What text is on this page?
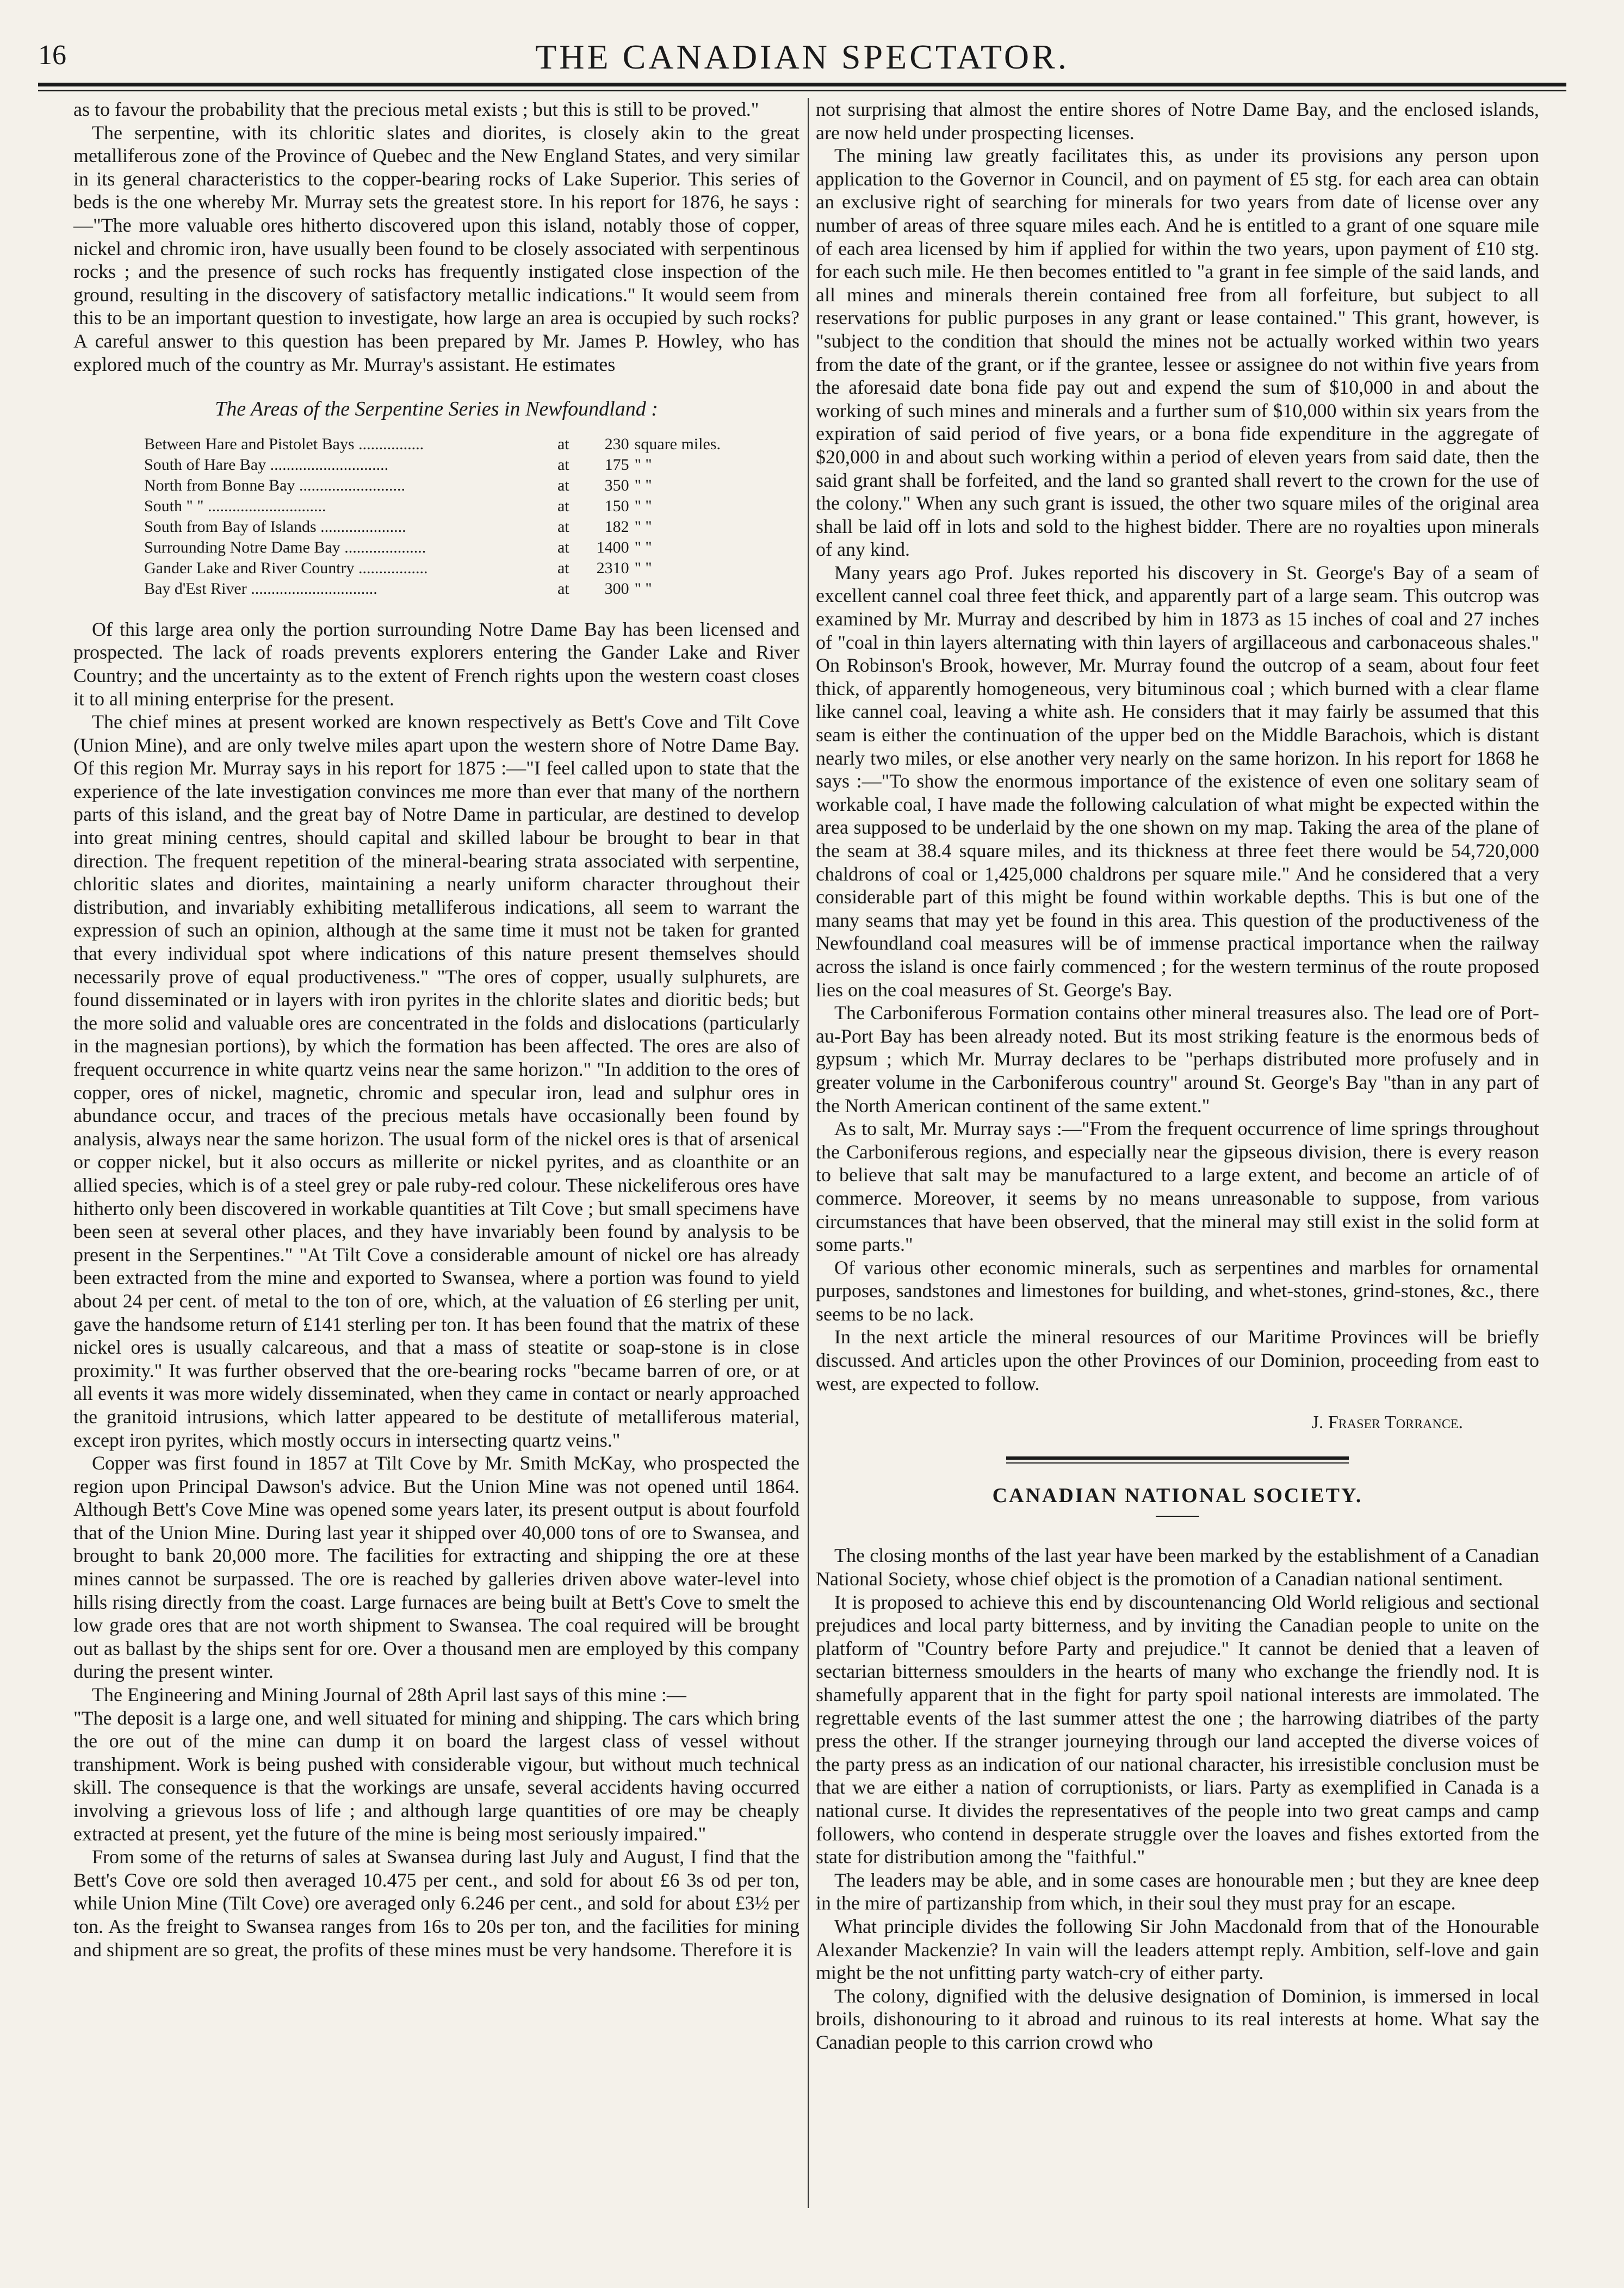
16	THE CANADIAN SPECTATOR.

as to favour the probability that the precious metal exists ; but this is still to be proved."

The serpentine, with its chloritic slates and diorites, is closely akin to the great metalliferous zone of the Province of Quebec and the New England States, and very similar in its general characteristics to the copper-bearing rocks of Lake Superior. This series of beds is the one whereby Mr. Murray sets the greatest store. In his report for 1876, he says :—"The more valuable ores hitherto discovered upon this island, notably those of copper, nickel and chromic iron, have usually been found to be closely associated with serpentinous rocks ; and the presence of such rocks has frequently instigated close inspection of the ground, resulting in the discovery of satisfactory metallic indications." It would seem from this to be an important question to investigate, how large an area is occupied by such rocks? A careful answer to this question has been prepared by Mr. James P. Howley, who has explored much of the country as Mr. Murray's assistant. He estimates

The Areas of the Serpentine Series in Newfoundland :
Between Hare and Pistolet Bays ................	at	230	square miles.
South of Hare Bay .............................	at	175	" "
North from Bonne Bay ..........................	at	350	" "
South " " .............................	at	150	" "
South from Bay of Islands .....................	at	182	" "
Surrounding Notre Dame Bay ....................	at	1400	" "
Gander Lake and River Country .................	at	2310	" "
Bay d'Est River ...............................	at	300	" "

Of this large area only the portion surrounding Notre Dame Bay has been licensed and prospected. The lack of roads prevents explorers entering the Gander Lake and River Country; and the uncertainty as to the extent of French rights upon the western coast closes it to all mining enterprise for the present.

The chief mines at present worked are known respectively as Bett's Cove and Tilt Cove (Union Mine), and are only twelve miles apart upon the western shore of Notre Dame Bay. Of this region Mr. Murray says in his report for 1875 :—"I feel called upon to state that the experience of the late investigation convinces me more than ever that many of the northern parts of this island, and the great bay of Notre Dame in particular, are destined to develop into great mining centres, should capital and skilled labour be brought to bear in that direction. The frequent repetition of the mineral-bearing strata associated with serpentine, chloritic slates and diorites, maintaining a nearly uniform character throughout their distribution, and invariably exhibiting metalliferous indications, all seem to warrant the expression of such an opinion, although at the same time it must not be taken for granted that every individual spot where indications of this nature present themselves should necessarily prove of equal productiveness." "The ores of copper, usually sulphurets, are found disseminated or in layers with iron pyrites in the chlorite slates and dioritic beds; but the more solid and valuable ores are concentrated in the folds and dislocations (particularly in the magnesian portions), by which the formation has been affected. The ores are also of frequent occurrence in white quartz veins near the same horizon." "In addition to the ores of copper, ores of nickel, magnetic, chromic and specular iron, lead and sulphur ores in abundance occur, and traces of the precious metals have occasionally been found by analysis, always near the same horizon. The usual form of the nickel ores is that of arsenical or copper nickel, but it also occurs as millerite or nickel pyrites, and as cloanthite or an allied species, which is of a steel grey or pale ruby-red colour. These nickeliferous ores have hitherto only been discovered in workable quantities at Tilt Cove ; but small specimens have been seen at several other places, and they have invariably been found by analysis to be present in the Serpentines." "At Tilt Cove a considerable amount of nickel ore has already been extracted from the mine and exported to Swansea, where a portion was found to yield about 24 per cent. of metal to the ton of ore, which, at the valuation of £6 sterling per unit, gave the handsome return of £141 sterling per ton. It has been found that the matrix of these nickel ores is usually calcareous, and that a mass of steatite or soap-stone is in close proximity." It was further observed that the ore-bearing rocks "became barren of ore, or at all events it was more widely disseminated, when they came in contact or nearly approached the granitoid intrusions, which latter appeared to be destitute of metalliferous material, except iron pyrites, which mostly occurs in intersecting quartz veins."

Copper was first found in 1857 at Tilt Cove by Mr. Smith McKay, who prospected the region upon Principal Dawson's advice. But the Union Mine was not opened until 1864. Although Bett's Cove Mine was opened some years later, its present output is about fourfold that of the Union Mine. During last year it shipped over 40,000 tons of ore to Swansea, and brought to bank 20,000 more. The facilities for extracting and shipping the ore at these mines cannot be surpassed. The ore is reached by galleries driven above water-level into hills rising directly from the coast. Large furnaces are being built at Bett's Cove to smelt the low grade ores that are not worth shipment to Swansea. The coal required will be brought out as ballast by the ships sent for ore. Over a thousand men are employed by this company during the present winter.

The Engineering and Mining Journal of 28th April last says of this mine :—

"The deposit is a large one, and well situated for mining and shipping. The cars which bring the ore out of the mine can dump it on board the largest class of vessel without transhipment. Work is being pushed with considerable vigour, but without much technical skill. The consequence is that the workings are unsafe, several accidents having occurred involving a grievous loss of life ; and although large quantities of ore may be cheaply extracted at present, yet the future of the mine is being most seriously impaired."

From some of the returns of sales at Swansea during last July and August, I find that the Bett's Cove ore sold then averaged 10.475 per cent., and sold for about £6 3s od per ton, while Union Mine (Tilt Cove) ore averaged only 6.246 per cent., and sold for about £3½ per ton. As the freight to Swansea ranges from 16s to 20s per ton, and the facilities for mining and shipment are so great, the profits of these mines must be very handsome. Therefore it is

not surprising that almost the entire shores of Notre Dame Bay, and the enclosed islands, are now held under prospecting licenses.

The mining law greatly facilitates this, as under its provisions any person upon application to the Governor in Council, and on payment of £5 stg. for each area can obtain an exclusive right of searching for minerals for two years from date of license over any number of areas of three square miles each. And he is entitled to a grant of one square mile of each area licensed by him if applied for within the two years, upon payment of £10 stg. for each such mile. He then becomes entitled to "a grant in fee simple of the said lands, and all mines and minerals therein contained free from all forfeiture, but subject to all reservations for public purposes in any grant or lease contained." This grant, however, is "subject to the condition that should the mines not be actually worked within two years from the date of the grant, or if the grantee, lessee or assignee do not within five years from the aforesaid date bona fide pay out and expend the sum of $10,000 in and about the working of such mines and minerals and a further sum of $10,000 within six years from the expiration of said period of five years, or a bona fide expenditure in the aggregate of $20,000 in and about such working within a period of eleven years from said date, then the said grant shall be forfeited, and the land so granted shall revert to the crown for the use of the colony." When any such grant is issued, the other two square miles of the original area shall be laid off in lots and sold to the highest bidder. There are no royalties upon minerals of any kind.

Many years ago Prof. Jukes reported his discovery in St. George's Bay of a seam of excellent cannel coal three feet thick, and apparently part of a large seam. This outcrop was examined by Mr. Murray and described by him in 1873 as 15 inches of coal and 27 inches of "coal in thin layers alternating with thin layers of argillaceous and carbonaceous shales." On Robinson's Brook, however, Mr. Murray found the outcrop of a seam, about four feet thick, of apparently homogeneous, very bituminous coal ; which burned with a clear flame like cannel coal, leaving a white ash. He considers that it may fairly be assumed that this seam is either the continuation of the upper bed on the Middle Barachois, which is distant nearly two miles, or else another very nearly on the same horizon. In his report for 1868 he says :—"To show the enormous importance of the existence of even one solitary seam of workable coal, I have made the following calculation of what might be expected within the area supposed to be underlaid by the one shown on my map. Taking the area of the plane of the seam at 38.4 square miles, and its thickness at three feet there would be 54,720,000 chaldrons of coal or 1,425,000 chaldrons per square mile." And he considered that a very considerable part of this might be found within workable depths. This is but one of the many seams that may yet be found in this area. This question of the productiveness of the Newfoundland coal measures will be of immense practical importance when the railway across the island is once fairly commenced ; for the western terminus of the route proposed lies on the coal measures of St. George's Bay.

The Carboniferous Formation contains other mineral treasures also. The lead ore of Port-au-Port Bay has been already noted. But its most striking feature is the enormous beds of gypsum ; which Mr. Murray declares to be "perhaps distributed more profusely and in greater volume in the Carboniferous country" around St. George's Bay "than in any part of the North American continent of the same extent."

As to salt, Mr. Murray says :—"From the frequent occurrence of lime springs throughout the Carboniferous regions, and especially near the gipseous division, there is every reason to believe that salt may be manufactured to a large extent, and become an article of of commerce. Moreover, it seems by no means unreasonable to suppose, from various circumstances that have been observed, that the mineral may still exist in the solid form at some parts."

Of various other economic minerals, such as serpentines and marbles for ornamental purposes, sandstones and limestones for building, and whet-stones, grind-stones, &c., there seems to be no lack.

In the next article the mineral resources of our Maritime Provinces will be briefly discussed. And articles upon the other Provinces of our Dominion, proceeding from east to west, are expected to follow.

J. Fraser Torrance.
CANADIAN NATIONAL SOCIETY.

The closing months of the last year have been marked by the establishment of a Canadian National Society, whose chief object is the promotion of a Canadian national sentiment.

It is proposed to achieve this end by discountenancing Old World religious and sectional prejudices and local party bitterness, and by inviting the Canadian people to unite on the platform of "Country before Party and prejudice." It cannot be denied that a leaven of sectarian bitterness smoulders in the hearts of many who exchange the friendly nod. It is shamefully apparent that in the fight for party spoil national interests are immolated. The regrettable events of the last summer attest the one ; the harrowing diatribes of the party press the other. If the stranger journeying through our land accepted the diverse voices of the party press as an indication of our national character, his irresistible conclusion must be that we are either a nation of corruptionists, or liars. Party as exemplified in Canada is a national curse. It divides the representatives of the people into two great camps and camp followers, who contend in desperate struggle over the loaves and fishes extorted from the state for distribution among the "faithful."

The leaders may be able, and in some cases are honourable men ; but they are knee deep in the mire of partizanship from which, in their soul they must pray for an escape.

What principle divides the following Sir John Macdonald from that of the Honourable Alexander Mackenzie? In vain will the leaders attempt reply. Ambition, self-love and gain might be the not unfitting party watch-cry of either party.

The colony, dignified with the delusive designation of Dominion, is immersed in local broils, dishonouring to it abroad and ruinous to its real interests at home. What say the Canadian people to this carrion crowd who
